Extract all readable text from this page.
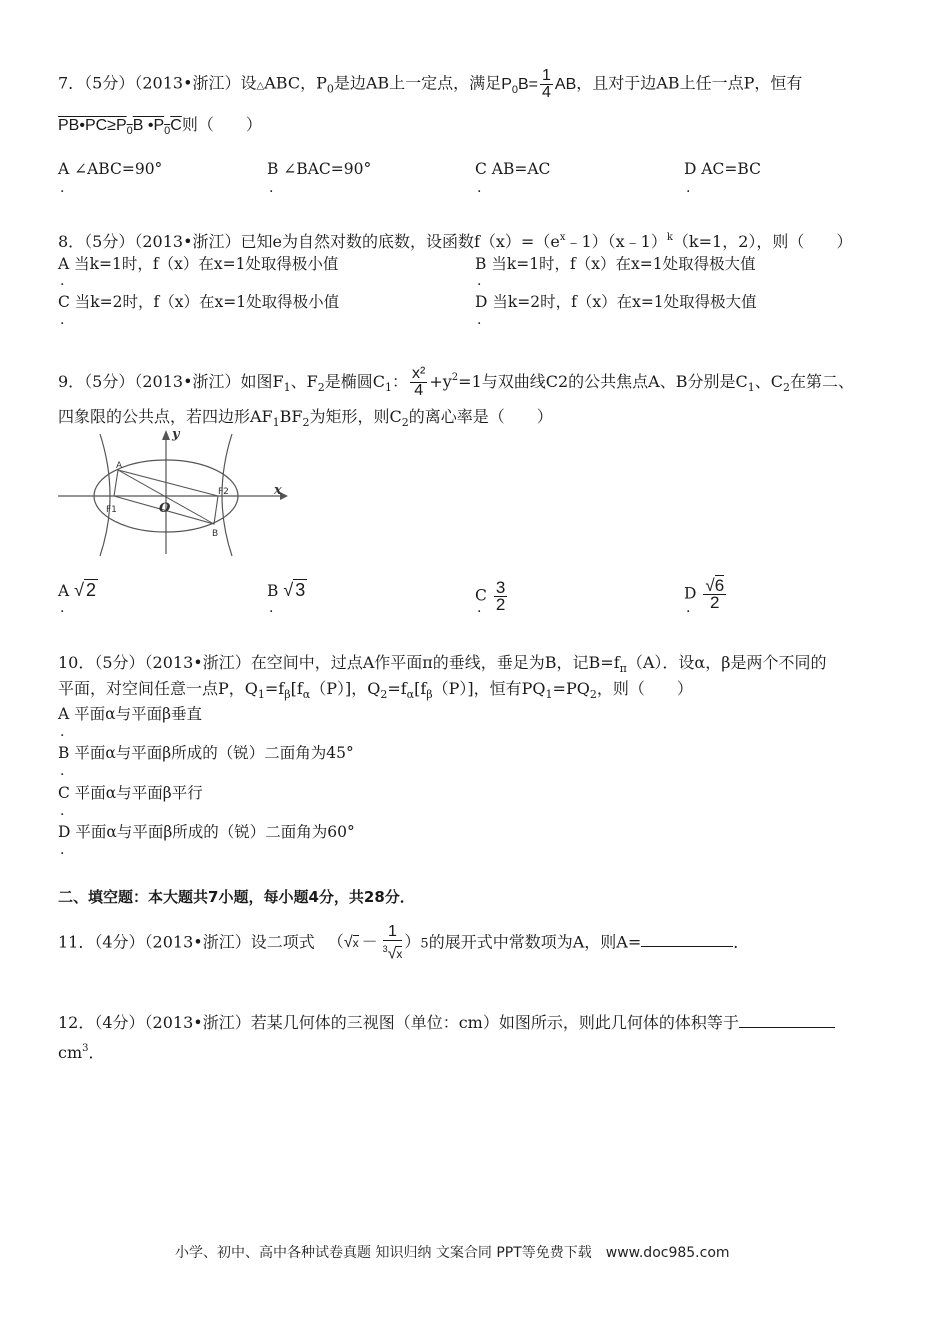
7．（5分）（2013•浙江）设△ABC，$P_0$是边AB上一定点，满足$P_0B= \frac{1}{4}$ AB，且对于边AB上任一点P，恒有
$PB•PC\ge P_0B$ $•P_0C$则（　　）
A ∠ABC=90°	B ∠BAC=90°	C AB=AC	D AC=BC
.	.	.	.
8．（5分）（2013•浙江）已知e为自然对数的底数，设函数$f(x)=(e^x﹣1)(x﹣1)^k(k=1$，2），则（　　）
A 当k=1时，f（x）在x=1处取得极小值	B 当k=1时，f（x）在x=1处取得极大值
.	.
C 当k=2时，f（x）在x=1处取得极小值	D 当k=2时，f（x）在x=1处取得极大值
.	.
9．（5分）（2013•浙江）如图$F_1$、$F_2$是椭圆$C_1$： $\frac{\text{x²}}{4} +y^2=1$与双曲线C2的公共焦点A、B分别是$C_1$、$C_2$在第二、
四象限的公共点，若四边形$AF_1BF_2$为矩形，则$C_2$的离心率是（　　）
y
x
A
B
O
F1
F2
A √ 2	B √ 3	C $\frac{3}{2}$	D $\frac{√6}{2}$
.	.	.	.
10．（5分）（2013•浙江）在空间中，过点A作平面π的垂线，垂足为B，记$B=f_\pi(A)$．设α，β是两个不同的
平面，对空间任意一点P，$Q_1=f_\beta[f_\alpha(P)]$，$Q_2=f_\alpha[f_\beta(P)]$，恒有$PQ_1=PQ_2$，则（　　）
A 平面α与平面β垂直
.
B 平面α与平面β所成的（锐）二面角为45°
.
C 平面α与平面β平行
.
D 平面α与平面β所成的（锐）二面角为60°
.
二、填空题：本大题共7小题，每小题4分，共28分．
11．（4分）（2013•浙江）设二项式 $(√x - \frac{1}{^3√x} )5$的展开式中常数项为A，则A=	．
12．（4分）（2013•浙江）若某几何体的三视图（单位：cm）如图所示，则此几何体的体积等于
$cm^3$．
小学、初中、高中各种试卷真题 知识归纳 文案合同 PPT等免费下载　www.doc985.com
